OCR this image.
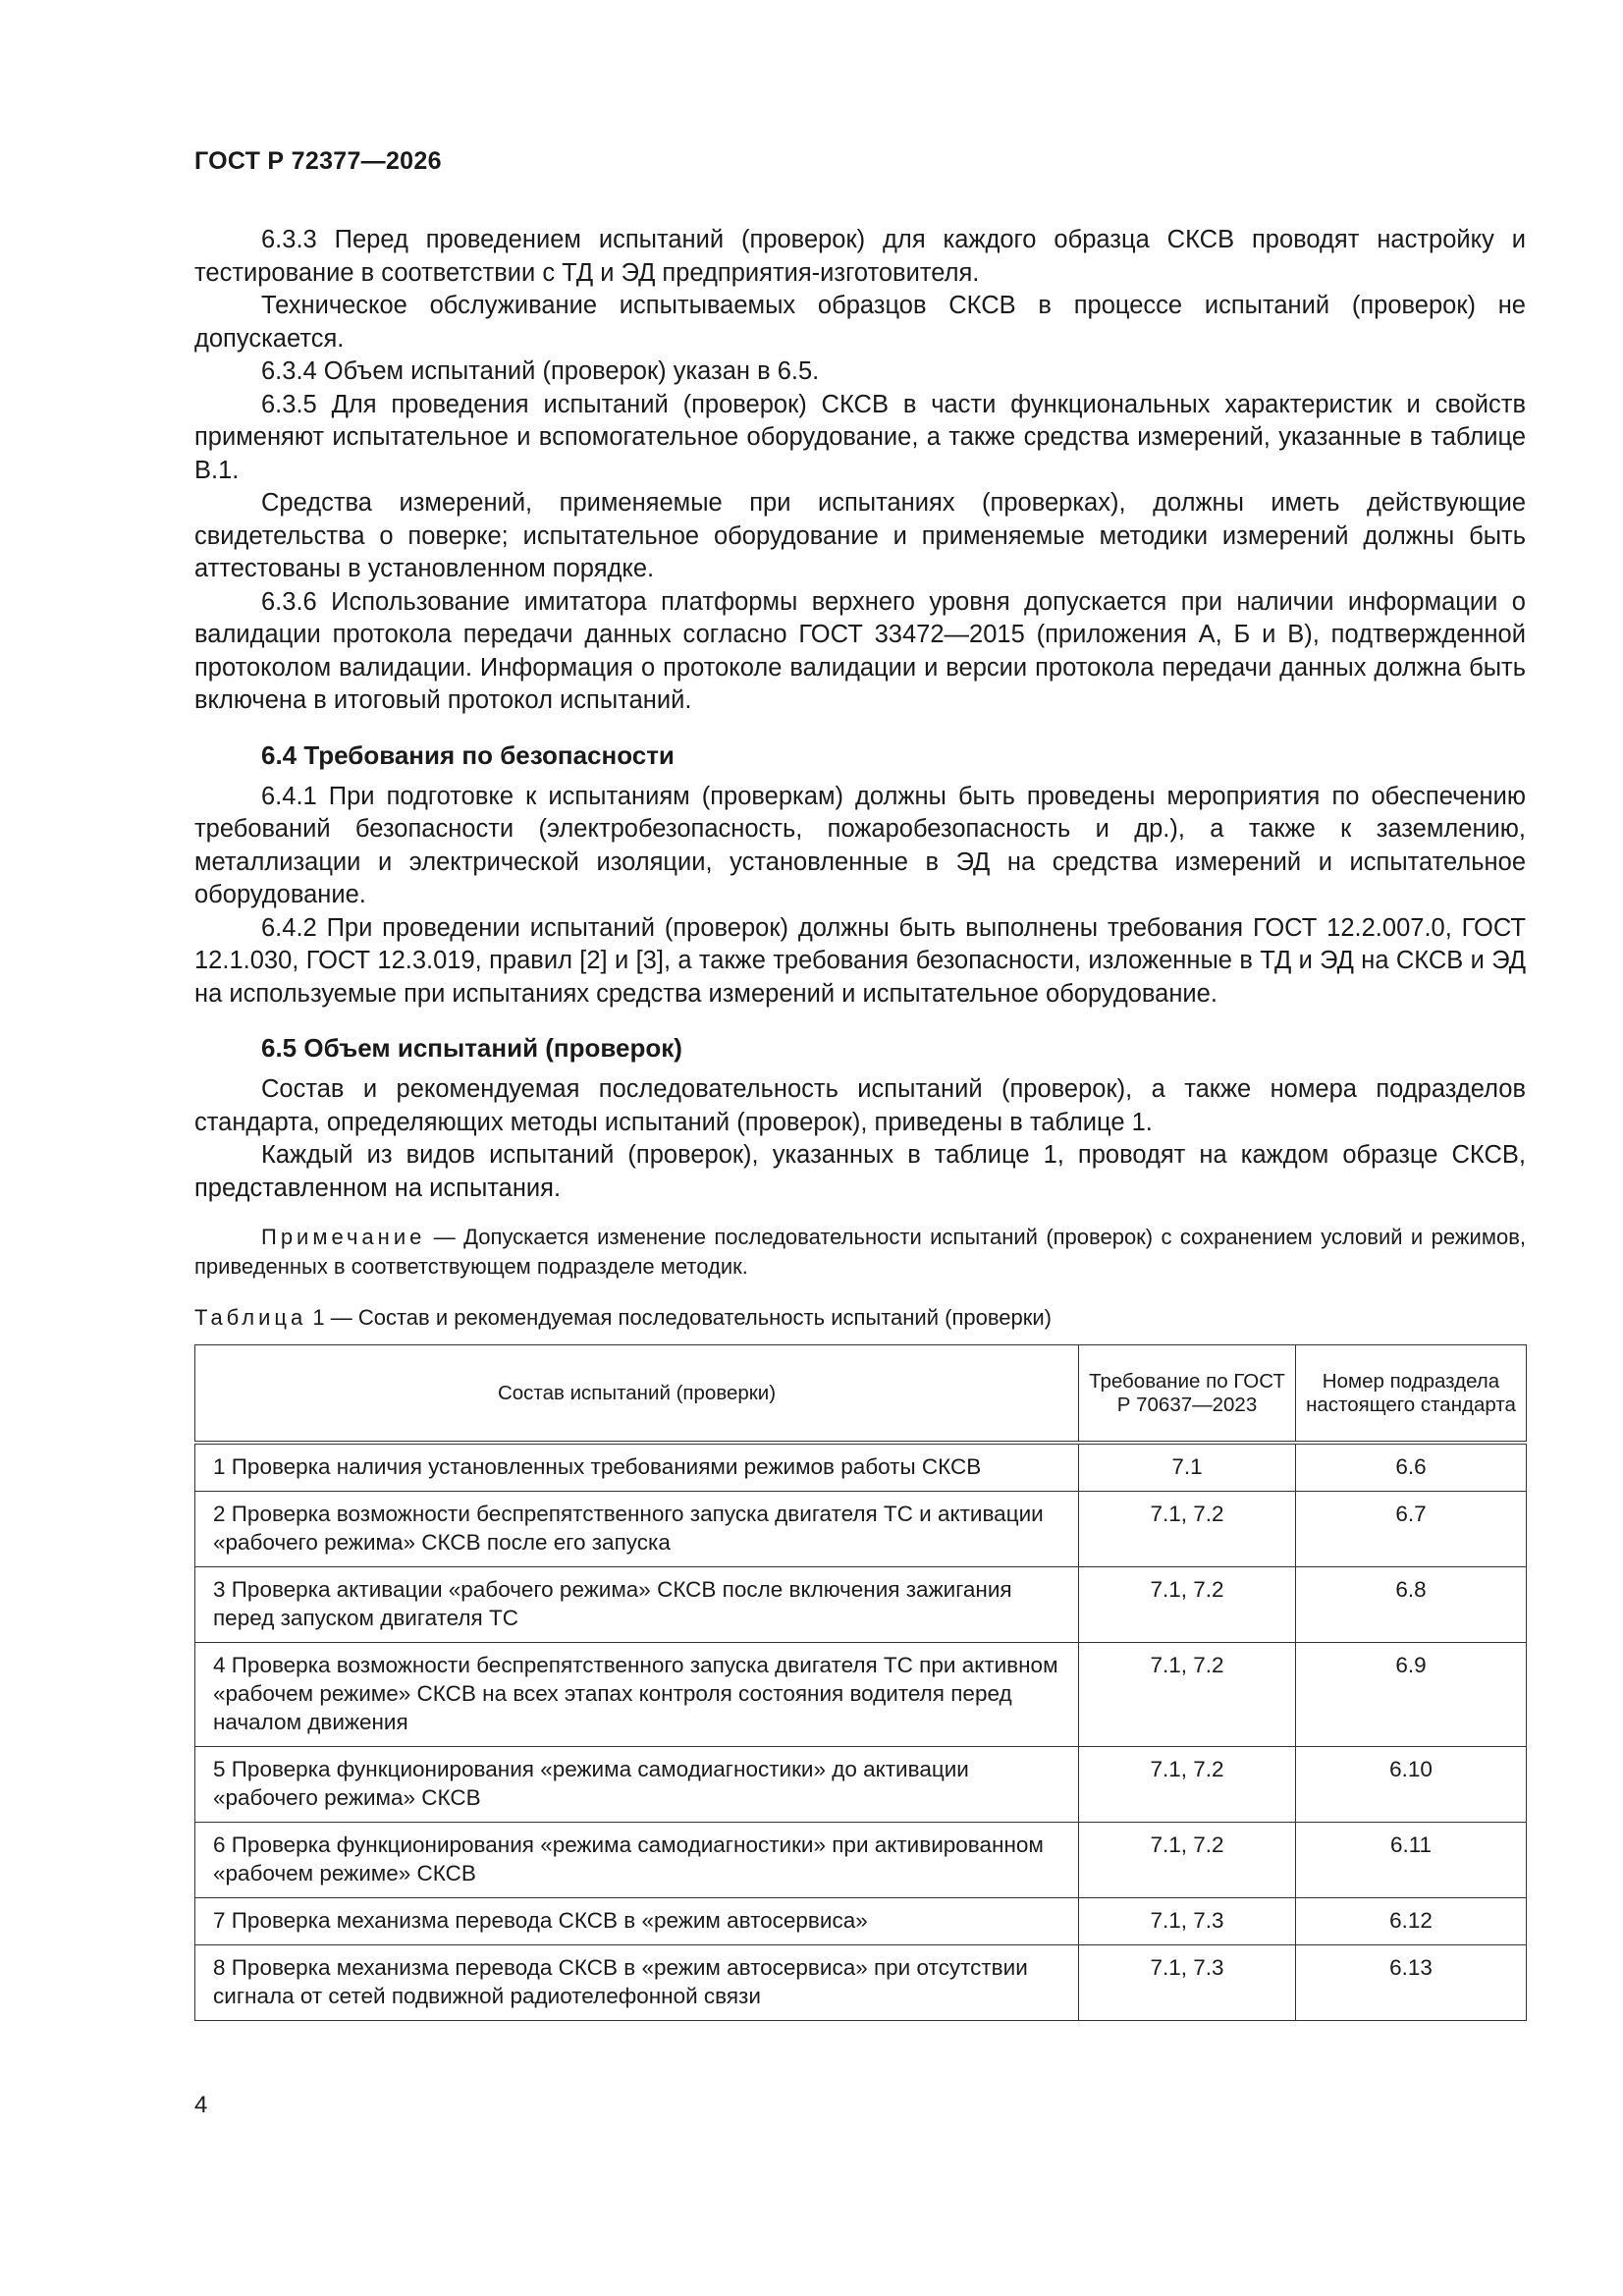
ГОСТ Р 72377—2026

6.3.3 Перед проведением испытаний (проверок) для каждого образца СКСВ проводят настройку и тестирование в соответствии с ТД и ЭД предприятия-изготовителя.

Техническое обслуживание испытываемых образцов СКСВ в процессе испытаний (проверок) не допускается.

6.3.4 Объем испытаний (проверок) указан в 6.5.

6.3.5 Для проведения испытаний (проверок) СКСВ в части функциональных характеристик и свойств применяют испытательное и вспомогательное оборудование, а также средства измерений, указанные в таблице В.1.

Средства измерений, применяемые при испытаниях (проверках), должны иметь действующие свидетельства о поверке; испытательное оборудование и применяемые методики измерений должны быть аттестованы в установленном порядке.

6.3.6 Использование имитатора платформы верхнего уровня допускается при наличии информации о валидации протокола передачи данных согласно ГОСТ 33472—2015 (приложения А, Б и В), подтвержденной протоколом валидации. Информация о протоколе валидации и версии протокола передачи данных должна быть включена в итоговый протокол испытаний.

6.4 Требования по безопасности

6.4.1 При подготовке к испытаниям (проверкам) должны быть проведены мероприятия по обеспечению требований безопасности (электробезопасность, пожаробезопасность и др.), а также к заземлению, металлизации и электрической изоляции, установленные в ЭД на средства измерений и испытательное оборудование.

6.4.2 При проведении испытаний (проверок) должны быть выполнены требования ГОСТ 12.2.007.0, ГОСТ 12.1.030, ГОСТ 12.3.019, правил [2] и [3], а также требования безопасности, изложенные в ТД и ЭД на СКСВ и ЭД на используемые при испытаниях средства измерений и испытательное оборудование.

6.5 Объем испытаний (проверок)

Состав и рекомендуемая последовательность испытаний (проверок), а также номера подразделов стандарта, определяющих методы испытаний (проверок), приведены в таблице 1.

Каждый из видов испытаний (проверок), указанных в таблице 1, проводят на каждом образце СКСВ, представленном на испытания.

Примечание — Допускается изменение последовательности испытаний (проверок) с сохранением условий и режимов, приведенных в соответствующем подразделе методик.
Таблица 1 — Состав и рекомендуемая последовательность испытаний (проверки)
Состав испытаний (проверки)	Требование по ГОСТ Р 70637—2023	Номер подраздела настоящего стандарта
1 Проверка наличия установленных требованиями режимов работы СКСВ	7.1	6.6
2 Проверка возможности беспрепятственного запуска двигателя ТС и активации «рабочего режима» СКСВ после его запуска	7.1, 7.2	6.7
3 Проверка активации «рабочего режима» СКСВ после включения зажигания перед запуском двигателя ТС	7.1, 7.2	6.8
4 Проверка возможности беспрепятственного запуска двигателя ТС при активном «рабочем режиме» СКСВ на всех этапах контроля состояния водителя перед началом движения	7.1, 7.2	6.9
5 Проверка функционирования «режима самодиагностики» до активации «рабочего режима» СКСВ	7.1, 7.2	6.10
6 Проверка функционирования «режима самодиагностики» при активированном «рабочем режиме» СКСВ	7.1, 7.2	6.11
7 Проверка механизма перевода СКСВ в «режим автосервиса»	7.1, 7.3	6.12
8 Проверка механизма перевода СКСВ в «режим автосервиса» при отсутствии сигнала от сетей подвижной радиотелефонной связи	7.1, 7.3	6.13
4
